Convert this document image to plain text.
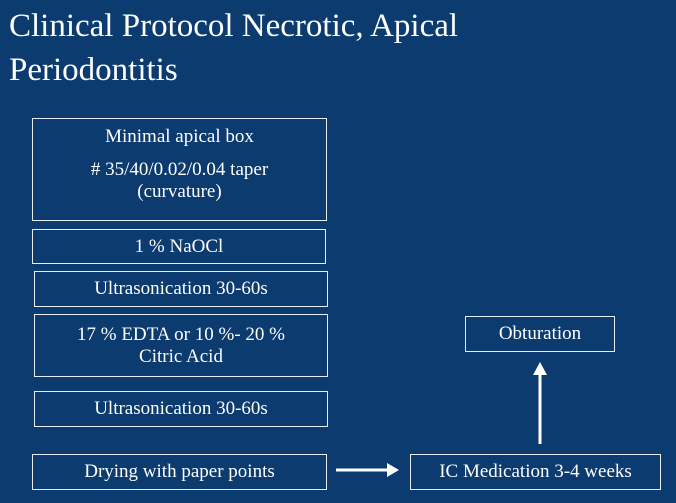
Clinical Protocol Necrotic, Apical
Periodontitis
Minimal apical box
# 35/40/0.02/0.04 taper
(curvature)
1 % NaOCl
Ultrasonication 30-60s
17 % EDTA or 10 %- 20 %
Citric Acid
Ultrasonication 30-60s
Drying with paper points	IC Medication 3-4 weeks
Obturation
